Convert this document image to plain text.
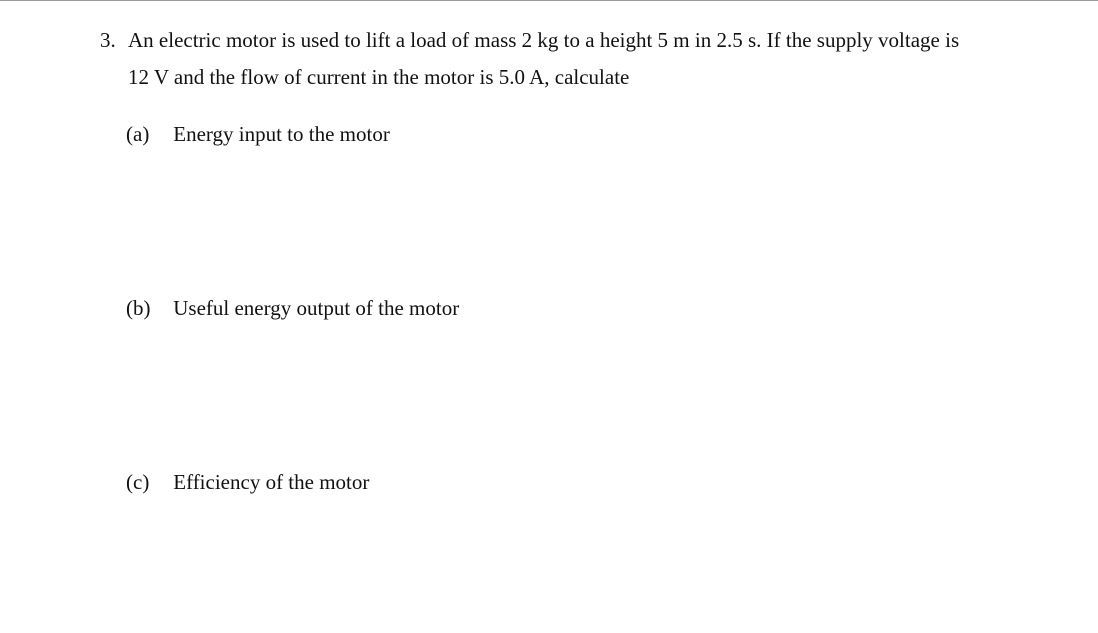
3. An electric motor is used to lift a load of mass 2 kg to a height 5 m in 2.5 s. If the supply voltage is
12 V and the flow of current in the motor is 5.0 A, calculate
(a) Energy input to the motor
(b) Useful energy output of the motor
(c) Efficiency of the motor
